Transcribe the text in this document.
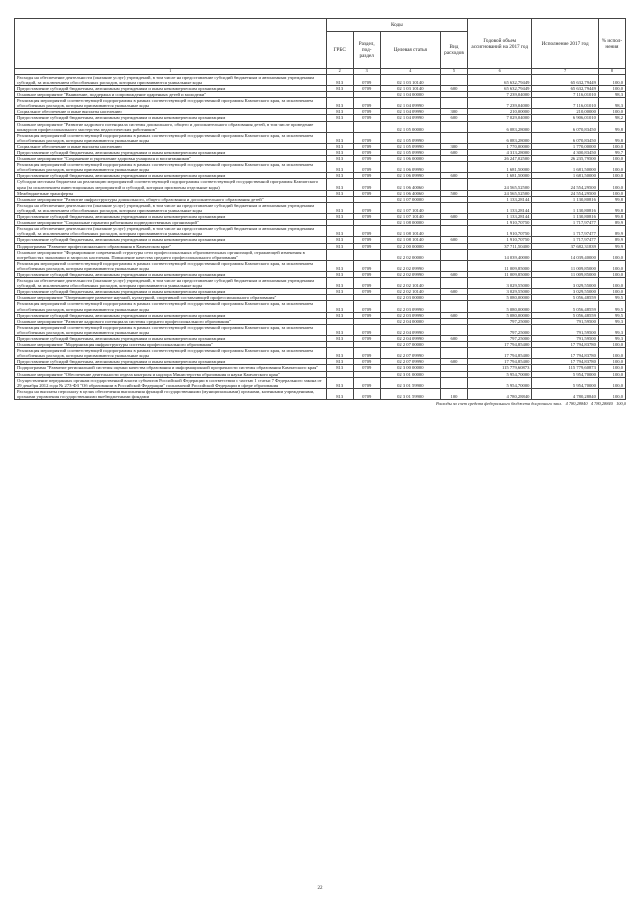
	Коды				Годовой объем ассигнований на 2017 год	Исполнение 2017 год	% испол-нения
	ГРБС	Раздел, под-раздел	Целевая статья	Вид расходов			
1	2	3	4	5	6	7	8
Расходы на обеспечение деятельности (оказание услуг) учреждений, в том числе на предоставление субсидий бюджетным и автономным учреждениям субсидий, за исключением обособленных расходов, которым присваиваются уникальные коды	813	0709	02 1 03 10140		65 632,79449	65 632,79449	100,0
Предоставление субсидий бюджетным, автономным учреждениям и иным некоммерческим организациям	813	0709	02 1 03 10140	600	65 632,79449	65 632,79449	100,0
Основное мероприятие "Выявление, поддержка и сопровождение одаренных детей и молодежи"			02 1 04 00000		7 239,04000	7 116,01010	98,3
Реализация мероприятий соответствующей подпрограммы в рамках соответствующей государственной программы Камчатского края, за исключением обособленных расходов, которым присваиваются уникальные коды	813	0709	02 1 04 09990		7 239,04000	7 116,01010	98,3
Социальное обеспечение и иные выплаты населению	813	0709	02 1 04 09990	300	210,00000	210,00000	100,0
Предоставление субсидий бюджетным, автономным учреждениям и иным некоммерческим организациям	813	0709	02 1 04 09990	600	7 029,04000	6 906,01010	98,2
Основное мероприятие "Развитие кадрового потенциала системы дошкольного, общего и дополнительного образования детей, в том числе проведение конкурсов профессионального мастерства педагогических работников"			02 1 05 00000		6 083,28000	6 070,83450	99,8
Реализация мероприятий соответствующей подпрограммы в рамках соответствующей государственной программы Камчатского края, за исключением обособленных расходов, которым присваиваются уникальные коды	813	0709	02 1 05 09990		6 083,28000	6 070,83450	99,8
Социальное обеспечение и иные выплаты населению	813	0709	02 1 05 09990	300	1 770,00000	1 770,00000	100,0
Предоставление субсидий бюджетным, автономным учреждениям и иным некоммерческим организациям	813	0709	02 1 05 09990	600	4 313,28000	4 300,83450	99,7
Основное мероприятие "Сохранение и укрепление здоровья учащихся и воспитанников"	813	0709	02 1 06 00000		26 247,02500	26 235,79500	100,0
Реализация мероприятий соответствующей подпрограммы в рамках соответствующей государственной программы Камчатского края, за исключением обособленных расходов, которым присваиваются уникальные коды	813	0709	02 1 06 09990		1 681,50000	1 681,50000	100,0
Предоставление субсидий бюджетным, автономным учреждениям и иным некоммерческим организациям	813	0709	02 1 06 09990	600	1 681,50000	1 681,50000	100,0
Субсидии местным бюджетам на реализацию мероприятий соответствующей подпрограммы соответствующей государственной программы Камчатского края (за исключением инвестиционных мероприятий и субсидий, которым присвоены отдельные коды)	813	0709	02 1 06 40060		24 565,52500	24 554,29500	100,0
Межбюджетные трансферты	813	0709	02 1 06 40060	500	24 565,52500	24 554,29500	100,0
Основное мероприятие "Развитие инфраструктуры дошкольного, общего образования и дополнительного образования детей"			02 1 07 00000		1 133,28144	1 130,80816	99,8
Расходы на обеспечение деятельности (оказание услуг) учреждений, в том числе на предоставление субсидий бюджетным и автономным учреждениям субсидий, за исключением обособленных расходов, которым присваиваются уникальные коды	813	0709	02 1 07 10140		1 133,28144	1 130,80816	99,8
Предоставление субсидий бюджетным, автономным учреждениям и иным некоммерческим организациям	813	0709	02 1 07 10140	600	1 133,28144	1 130,80816	99,8
Основное мероприятие "Социальные гарантии работникам подведомственных организаций"			02 1 08 00000		1 910,70750	1 717,97477	89,9
Расходы на обеспечение деятельности (оказание услуг) учреждений, в том числе на предоставление субсидий бюджетным и автономным учреждениям субсидий, за исключением обособленных расходов, которым присваиваются уникальные коды	813	0709	02 1 08 10140		1 910,70750	1 717,97477	89,9
Предоставление субсидий бюджетным, автономным учреждениям и иным некоммерческим организациям	813	0709	02 1 08 10140	600	1 910,70750	1 717,97477	89,9
Подпрограмма "Развитие профессионального образования в Камчатском крае"	813	0709	02 2 00 00000		37 711,50400	37 682,31839	99,9
Основное мероприятие "Формирование современной структуры сети профессиональных образовательных организаций, отражающей изменения в потребностях экономики и запросах населения. Повышение качества среднего профессионального образования"			02 2 02 00000		14 039,40000	14 039,40000	100,0
Реализация мероприятий соответствующей подпрограммы в рамках соответствующей государственной программы Камчатского края, за исключением обособленных расходов, которым присваиваются уникальные коды	813	0709	02 2 02 09990		11 009,85000	11 009,85000	100,0
Предоставление субсидий бюджетным, автономным учреждениям и иным некоммерческим организациям	813	0709	02 2 02 09990	600	11 009,85000	11 009,85000	100,0
Расходы на обеспечение деятельности (оказание услуг) учреждений, в том числе на предоставление субсидий бюджетным и автономным учреждениям субсидий, за исключением обособленных расходов, которым присваиваются уникальные коды	813	0709	02 2 02 10140		3 029,55000	3 029,55000	100,0
Предоставление субсидий бюджетным, автономным учреждениям и иным некоммерческим организациям	813	0709	02 2 02 10140	600	3 029,55000	3 029,55000	100,0
Основное мероприятие "Опережающее развитие научной, культурной, спортивной составляющей профессионального образования"			02 2 03 00000		5 080,00000	5 056,48559	99,5
Реализация мероприятий соответствующей подпрограммы в рамках соответствующей государственной программы Камчатского края, за исключением обособленных расходов, которым присваиваются уникальные коды	813	0709	02 2 03 09990		5 080,00000	5 056,48559	99,5
Предоставление субсидий бюджетным, автономным учреждениям и иным некоммерческим организациям	813	0709	02 2 03 09990	600	5 080,00000	5 056,48559	99,5
Основное мероприятие "Развитие кадрового потенциала системы среднего профессионального образования"			02 2 04 00000		797,25000	791,59500	99,3
Реализация мероприятий соответствующей подпрограммы в рамках соответствующей государственной программы Камчатского края, за исключением обособленных расходов, которым присваиваются уникальные коды	813	0709	02 2 04 09990		797,25000	791,59500	99,3
Предоставление субсидий бюджетным, автономным учреждениям и иным некоммерческим организациям	813	0709	02 2 04 09990	600	797,25000	791,59500	99,3
Основное мероприятие "Модернизация инфраструктуры системы профессионального образования"			02 2 07 00000		17 794,85400	17 794,83780	100,0
Реализация мероприятий соответствующей подпрограммы в рамках соответствующей государственной программы Камчатского края, за исключением обособленных расходов, которым присваиваются уникальные коды	813	0709	02 2 07 09990		17 794,85400	17 794,83780	100,0
Предоставление субсидий бюджетным, автономным учреждениям и иным некоммерческим организациям	813	0709	02 2 07 09990	600	17 794,85400	17 794,83780	100,0
Подпрограмма "Развитие региональной системы оценки качества образования и информационной прозрачности системы образования Камчатского края"	813	0709	02 3 00 00000		115 779,60873	115 779,60873	100,0
Основное мероприятие "Обеспечение деятельности отдела контроля и надзора Министерства образования и науки Камчатского края"			02 3 01 00000		5 954,70000	5 954,70000	100,0
Осуществление переданных органам государственной власти субъектов Российской Федерации в соответствии с частью 1 статьи 7 Федерального закона от 29 декабря 2012 года № 273-ФЗ "Об образовании в Российской Федерации" полномочий Российской Федерации в сфере образования	813	0709	02 3 01 59900		5 954,70000	5 954,70000	100,0
Расходы на выплаты персоналу в целях обеспечения выполнения функций государственными (муниципальными) органами, казенными учреждениями, органами управления государственными внебюджетными фондами	813	0709	02 3 01 59900	100	4 780,28840	4 780,28840	100,0
Расходы за счет средств федерального бюджета досрочного закл. 4 780,28840 4 780,28840 100,0
22
